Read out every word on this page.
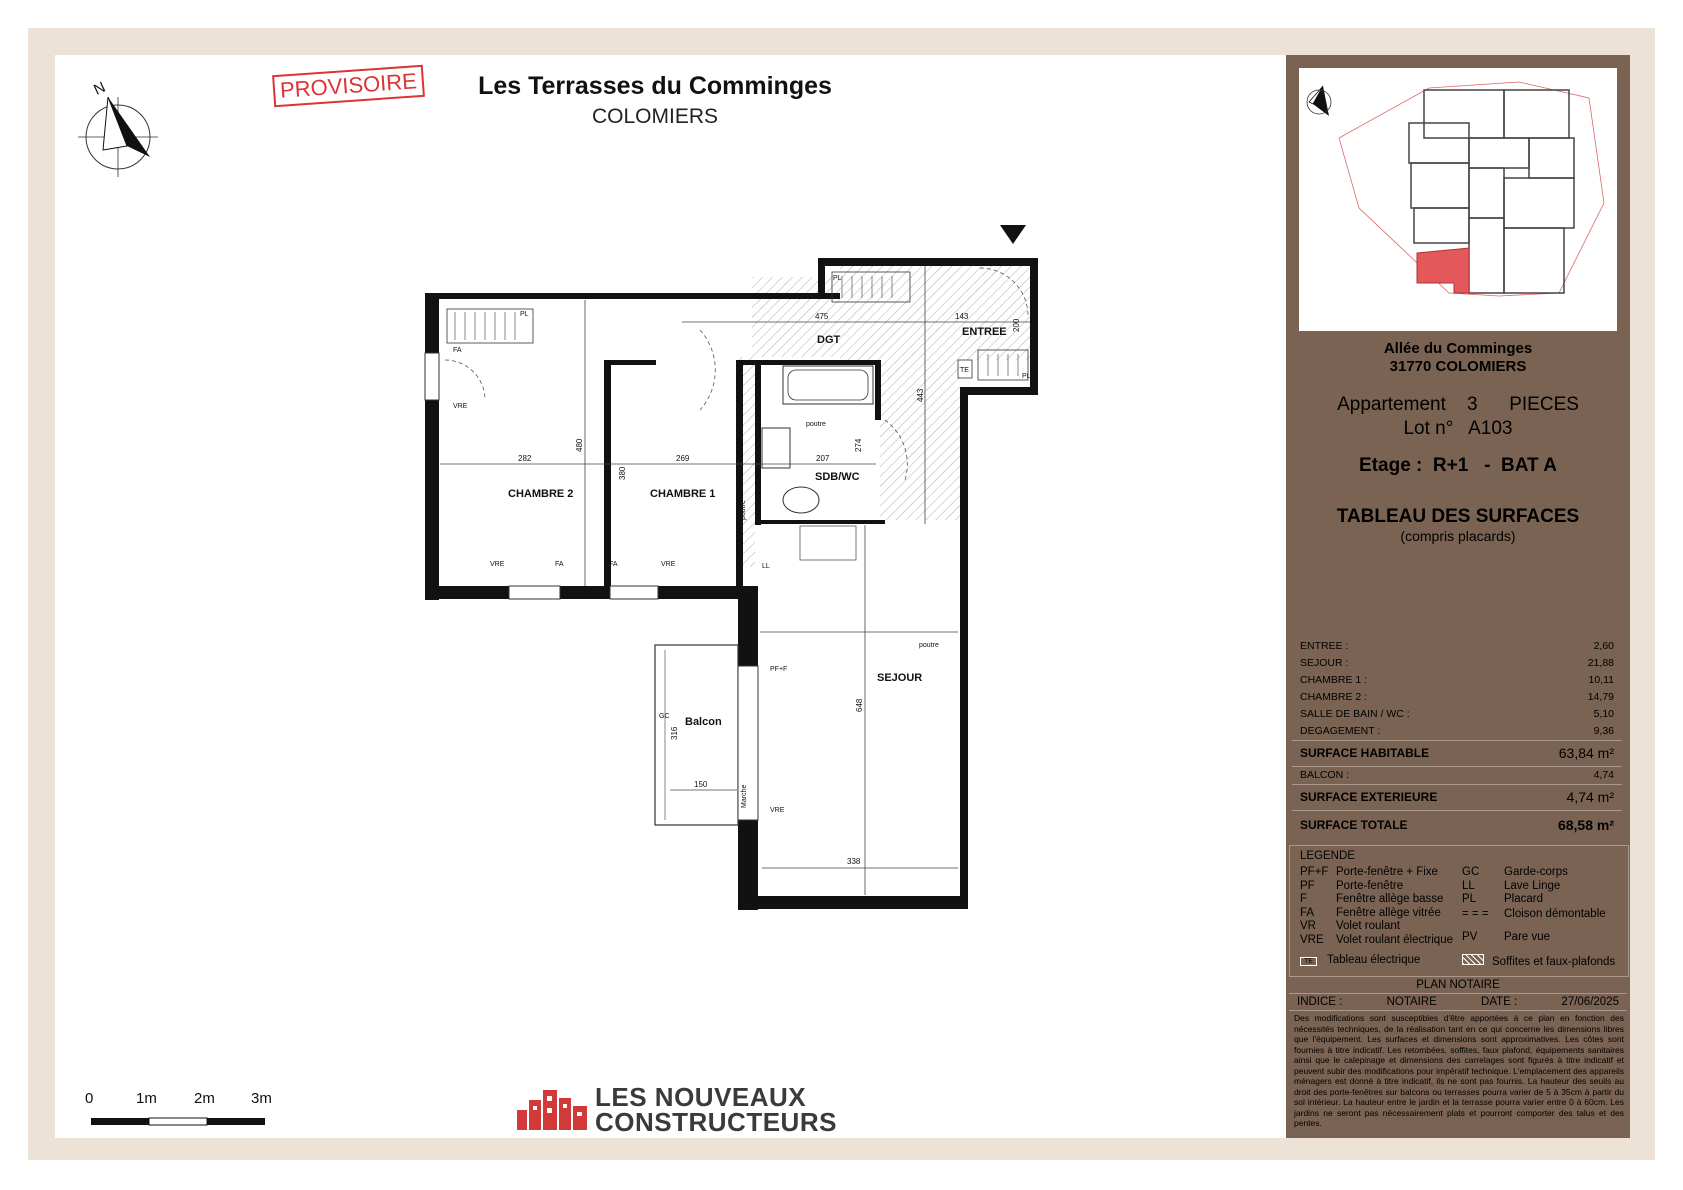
PROVISOIRE	Les Terrasses du Comminges
COLOMIERS
N
CHAMBRE 2	CHAMBRE 1
DGT
ENTREE
SDB/WC
SEJOUR
Balcon
475	143
282	269	207
380
480	274
443
200
648
316
150
338
PL
PL
PL
FA
FA	FA
VRE
VRE	VRE
VRE
TE
LL
GC
PF+F
poutre
poutre
poutre
Marche
0	1m 2m 3m	LES NOUVEAUX
CONSTRUCTEURS
Allée du Comminges
31770 COLOMIERS
Appartement    3      PIECES
Lot n°   A103
Etage :  R+1   -  BAT A
TABLEAU DES SURFACES
(compris placards)
ENTREE :	2,60
SEJOUR :	21,88
CHAMBRE 1 :	10,11
CHAMBRE 2 :	14,79
SALLE DE BAIN / WC :	5,10
DEGAGEMENT :	9,36
SURFACE HABITABLE	63,84 m²
BALCON :	4,74
SURFACE EXTERIEURE	4,74 m²
SURFACE TOTALE	68,58 m²
LEGENDE
PF+F Porte-fenêtre + Fixe
PF Porte-fenêtre
F	Fenêtre allège basse
FA Fenêtre allège vitrée
VR Volet roulant
VRE Volet roulant électrique
GC Garde-corps
LL	Lave Linge
PL Placard
= = = Cloison démontable
PV Pare vue
TE Tableau électrique	Soffites et faux-plafonds
PLAN NOTAIRE
INDICE :	NOTAIRE	DATE :	27/06/2025
Des modifications sont susceptibles d'être apportées à ce plan en fonction des nécessités techniques, de la réalisation tant en ce qui concerne les dimensions libres que l'équipement. Les surfaces et dimensions sont approximatives. Les côtes sont fournies à titre indicatif. Les retombées, soffites, faux plafond, équipements sanitaires ainsi que le calepinage et dimensions des carrelages sont figurés à titre indicatif et peuvent subir des modifications pour impératif technique. L'emplacement des appareils ménagers est donné à titre indicatif, ils ne sont pas fournis. La hauteur des seuils au droit des porte-fenêtres sur balcons ou terrasses pourra varier de 5 à 35cm à partir du sol intérieur. La hauteur entre le jardin et la terrasse pourra varier entre 0 à 60cm. Les jardins ne seront pas nécessairement plats et pourront comporter des talus et des pentes.
